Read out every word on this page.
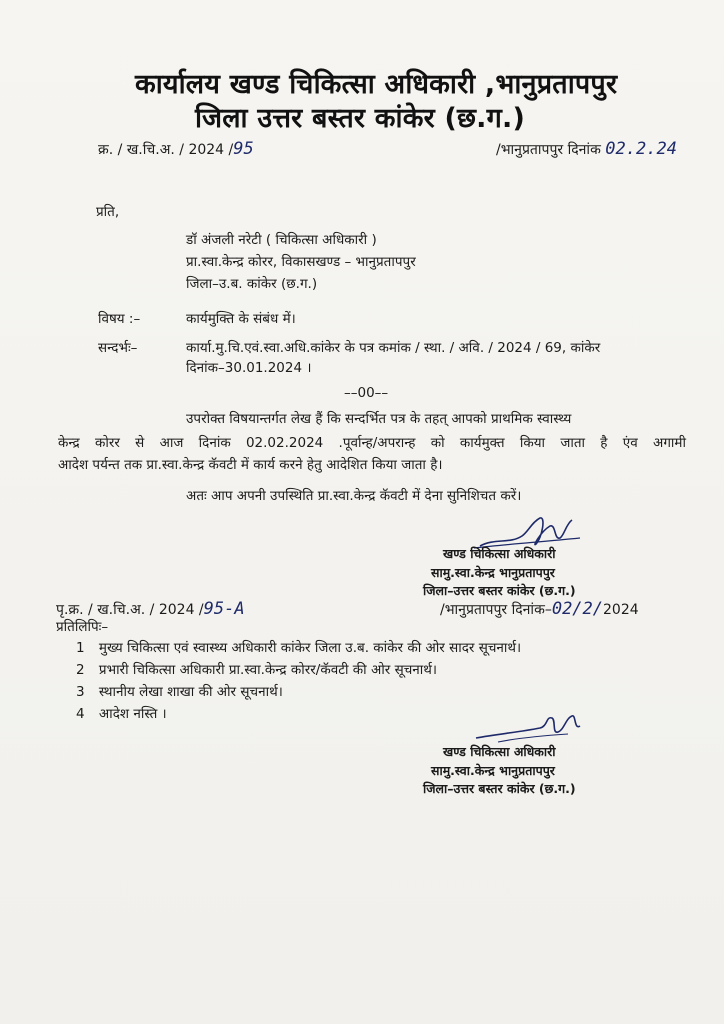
कार्यालय खण्ड चिकित्सा अधिकारी ,भानुप्रतापपुर
जिला उत्तर बस्तर कांकेर (छ.ग.)
क्र. / ख.चि.अ. / 2024 /95	/भानुप्रतापपुर दिनांक 02.2.24
प्रति,
डॉ अंजली नरेटी ( चिकित्सा अधिकारी )
प्रा.स्वा.केन्द्र कोरर, विकासखण्ड – भानुप्रतापपुर
जिला–उ.ब. कांकेर (छ.ग.)
विषय :–	कार्यमुक्ति के संबंध में।
सन्दर्भः–	कार्या.मु.चि.एवं.स्वा.अधि.कांकेर के पत्र कमांक / स्था. / अवि. / 2024 / 69, कांकेर
दिनांक–30.01.2024 ।
––00––
उपरोक्त विषयान्तर्गत लेख हैं कि सन्दर्भित पत्र के तहत् आपको प्राथमिक स्वास्थ्य
केन्द्र कोरर से आज दिनांक 02.02.2024 .पूर्वान्ह/अपरान्ह को कार्यमुक्त किया जाता है एंव अगामी
आदेश पर्यन्त तक प्रा.स्वा.केन्द्र कॅवटी में कार्य करने हेतु आदेशित किया जाता है।
अतः आप अपनी उपस्थिति प्रा.स्वा.केन्द्र कॅवटी में देना सुनिशिचत करें।
खण्ड चिकित्सा अधिकारी
सामु.स्वा.केन्द्र भानुप्रतापपुर
जिला–उत्तर बस्तर कांकेर (छ.ग.)
पृ.क्र. / ख.चि.अ. / 2024 /95-A	/भानुप्रतापपुर दिनांक–02/2/2024
प्रतिलिपिः–
1 मुख्य चिकित्सा एवं स्वास्थ्य अधिकारी कांकेर जिला उ.ब. कांकेर की ओर सादर सूचनार्थ।
2 प्रभारी चिकित्सा अधिकारी प्रा.स्वा.केन्द्र कोरर/कॅवटी की ओर सूचनार्थ।
3 स्थानीय लेखा शाखा की ओर सूचनार्थ।
4 आदेश नस्ति ।
खण्ड चिकित्सा अधिकारी
सामु.स्वा.केन्द्र भानुप्रतापपुर
जिला–उत्तर बस्तर कांकेर (छ.ग.)
